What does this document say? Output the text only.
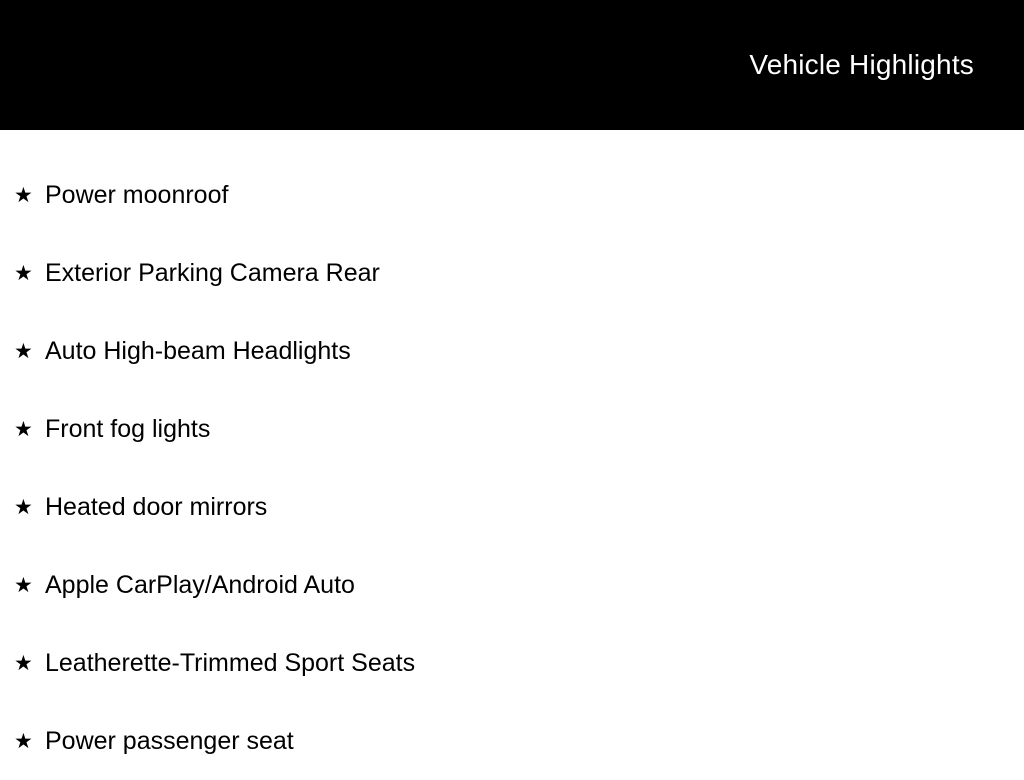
Vehicle Highlights
★ Power moonroof
★ Exterior Parking Camera Rear
★ Auto High-beam Headlights
★ Front fog lights
★ Heated door mirrors
★ Apple CarPlay/Android Auto
★ Leatherette-Trimmed Sport Seats
★ Power passenger seat
